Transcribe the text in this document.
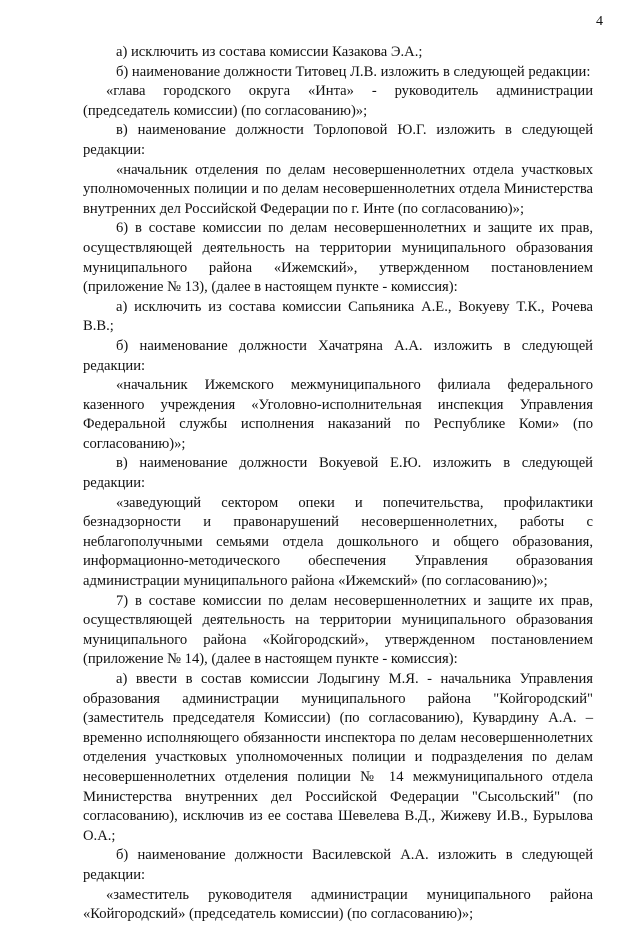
4

а) исключить из состава комиссии Казакова Э.А.;

б) наименование должности Титовец Л.В. изложить в следующей редакции:

«глава городского округа «Инта» - руководитель администрации (председатель комиссии) (по согласованию)»;

в) наименование должности Торлоповой Ю.Г. изложить в следующей редакции:

«начальник отделения по делам несовершеннолетних отдела участковых уполномоченных полиции и по делам несовершеннолетних отдела Министерства внутренних дел Российской Федерации по г. Инте (по согласованию)»;

6) в составе комиссии по делам несовершеннолетних и защите их прав, осуществляющей деятельность на территории муниципального образования муниципального района «Ижемский», утвержденном постановлением (приложение № 13), (далее в настоящем пункте - комиссия):

а) исключить из состава комиссии Сапьяника А.Е., Вокуеву Т.К., Рочева В.В.;

б) наименование должности Хачатряна А.А. изложить в следующей редакции:

«начальник Ижемского межмуниципального филиала федерального казенного учреждения «Уголовно-исполнительная инспекция Управления Федеральной службы исполнения наказаний по Республике Коми» (по согласованию)»;

в) наименование должности Вокуевой Е.Ю. изложить в следующей редакции:

«заведующий сектором опеки и попечительства, профилактики безнадзорности и правонарушений несовершеннолетних, работы с неблагополучными семьями отдела дошкольного и общего образования, информационно-методического обеспечения Управления образования администрации муниципального района «Ижемский» (по согласованию)»;

7) в составе комиссии по делам несовершеннолетних и защите их прав, осуществляющей деятельность на территории муниципального образования муниципального района «Койгородский», утвержденном постановлением (приложение № 14), (далее в настоящем пункте - комиссия):

а) ввести в состав комиссии Лодыгину М.Я. - начальника Управления образования администрации муниципального района "Койгородский" (заместитель председателя Комиссии) (по согласованию), Кувардину А.А. – временно исполняющего обязанности инспектора по делам несовершеннолетних отделения участковых уполномоченных полиции и подразделения по делам несовершеннолетних отделения полиции № 14 межмуниципального отдела Министерства внутренних дел Российской Федерации "Сысольский" (по согласованию), исключив из ее состава Шевелева В.Д., Жижеву И.В., Бурылова О.А.;

б) наименование должности Василевской А.А. изложить в следующей редакции:

«заместитель руководителя администрации муниципального района «Койгородский» (председатель комиссии) (по согласованию)»;
